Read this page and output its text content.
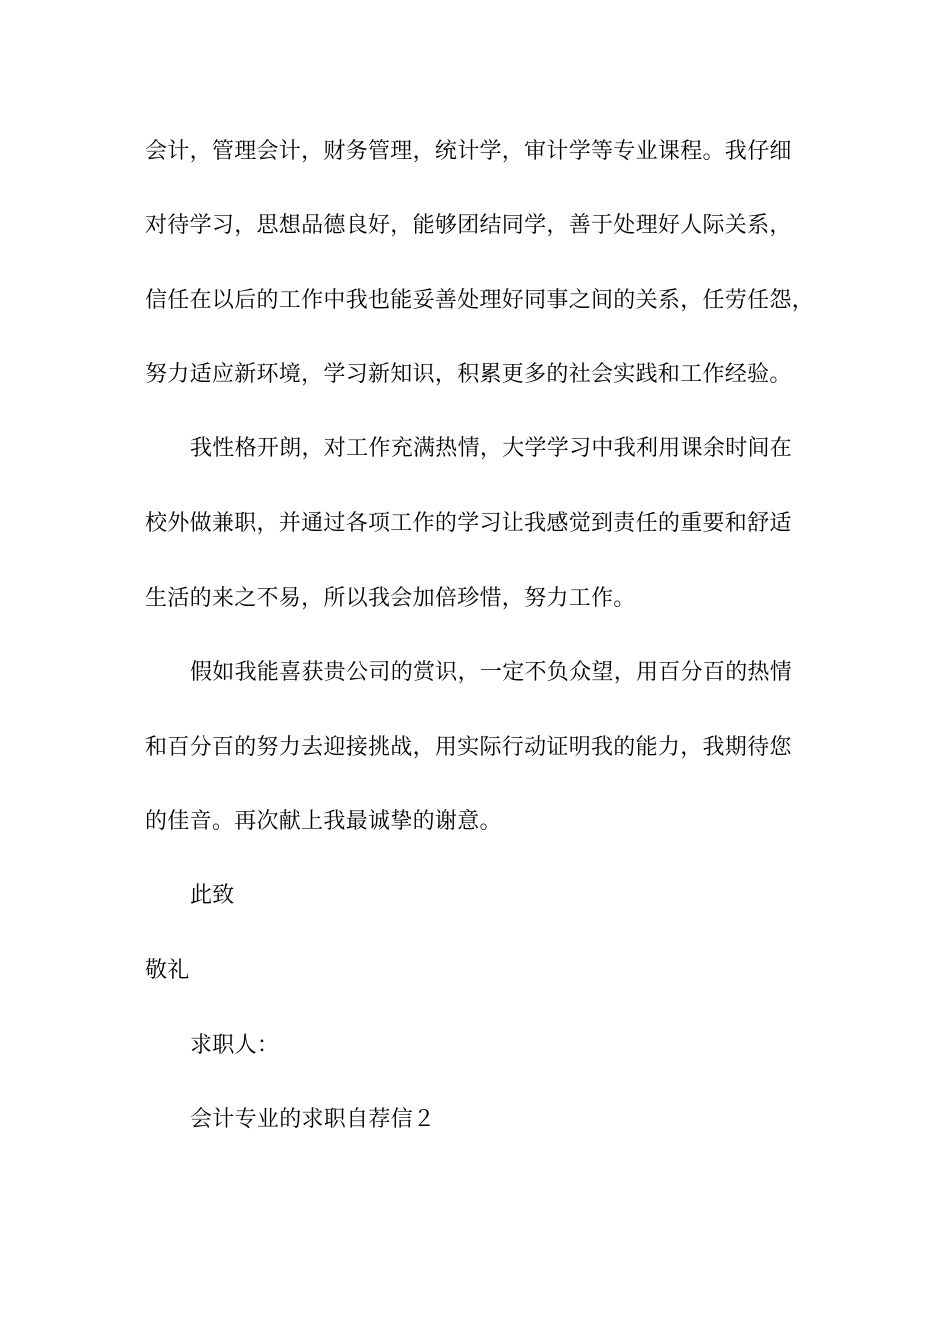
会计，管理会计，财务管理，统计学，审计学等专业课程。我仔细
对待学习，思想品德良好，能够团结同学，善于处理好人际关系，
信任在以后的工作中我也能妥善处理好同事之间的关系，任劳任怨，
努力适应新环境，学习新知识，积累更多的社会实践和工作经验。
我性格开朗，对工作充满热情，大学学习中我利用课余时间在
校外做兼职，并通过各项工作的学习让我感觉到责任的重要和舒适
生活的来之不易，所以我会加倍珍惜，努力工作。
假如我能喜获贵公司的赏识，一定不负众望，用百分百的热情
和百分百的努力去迎接挑战，用实际行动证明我的能力，我期待您
的佳音。再次献上我最诚挚的谢意。
此致
敬礼
求职人：
会计专业的求职自荐信２
